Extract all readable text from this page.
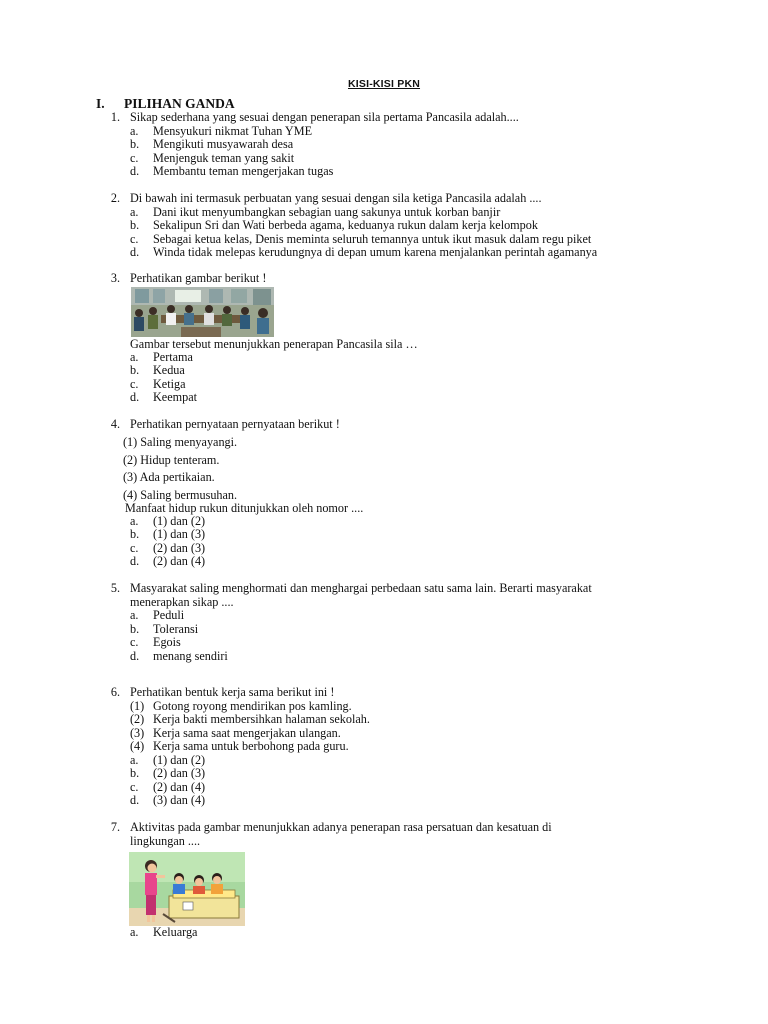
KISI-KISI PKN
I. PILIHAN GANDA
1. Sikap sederhana yang sesuai dengan penerapan sila pertama Pancasila adalah....
a. Mensyukuri nikmat Tuhan YME
b. Mengikuti musyawarah desa
c. Menjenguk teman yang sakit
d. Membantu teman mengerjakan tugas
2. Di bawah ini termasuk perbuatan yang sesuai dengan sila ketiga Pancasila adalah ....
a. Dani ikut menyumbangkan sebagian uang sakunya untuk korban banjir
b. Sekalipun Sri dan Wati berbeda agama, keduanya rukun dalam kerja kelompok
c. Sebagai ketua kelas, Denis meminta seluruh temannya untuk ikut masuk dalam regu piket
d. Winda tidak melepas kerudungnya di depan umum karena menjalankan perintah agamanya
3. Perhatikan gambar berikut !
Gambar tersebut menunjukkan penerapan Pancasila sila …
a. Pertama
b. Kedua
c. Ketiga
d. Keempat
4. Perhatikan pernyataan pernyataan berikut !
(1) Saling menyayangi.
(2) Hidup tenteram.
(3) Ada pertikaian.
(4) Saling bermusuhan.
Manfaat hidup rukun ditunjukkan oleh nomor ....
a. (1) dan (2)
b. (1) dan (3)
c. (2) dan (3)
d. (2) dan (4)
5. Masyarakat saling menghormati dan menghargai perbedaan satu sama lain. Berarti masyarakat
menerapkan sikap ....
a. Peduli
b. Toleransi
c. Egois
d. menang sendiri
6. Perhatikan bentuk kerja sama berikut ini !
(1) Gotong royong mendirikan pos kamling.
(2) Kerja bakti membersihkan halaman sekolah.
(3) Kerja sama saat mengerjakan ulangan.
(4) Kerja sama untuk berbohong pada guru.
a. (1) dan (2)
b. (2) dan (3)
c. (2) dan (4)
d. (3) dan (4)
7. Aktivitas pada gambar menunjukkan adanya penerapan rasa persatuan dan kesatuan di
lingkungan ....
a. Keluarga
